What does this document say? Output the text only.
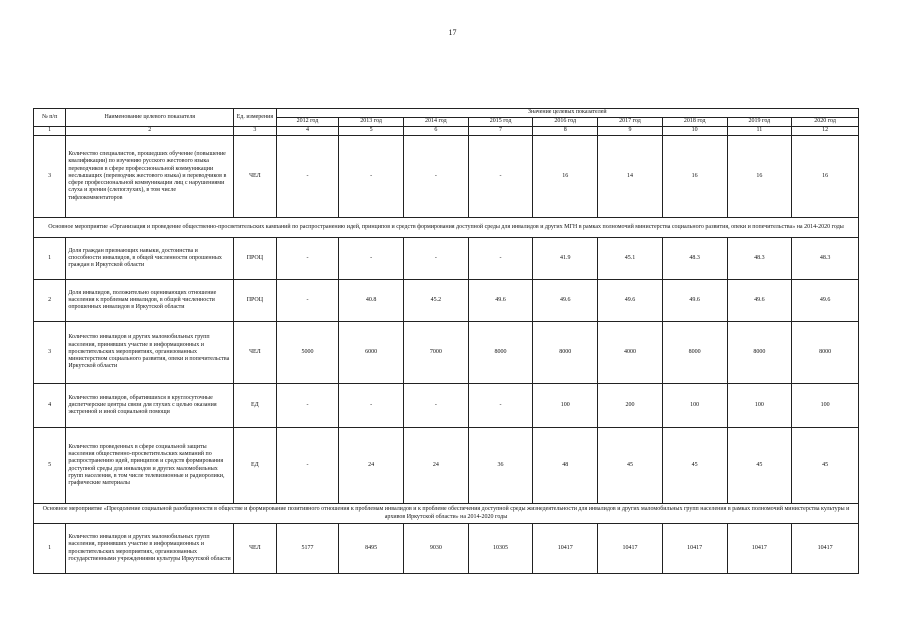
17
№ п/п	Наименование целевого показателя	Ед. измерения	Значение целевых показателей								
			2012 год	2013 год	2014 год	2015 год	2016 год	2017 год	2018 год	2019 год	2020 год
1	2	3	4	5	6	7	8	9	10	11	12
3	Количество специалистов, прошедших обучение (повышение квалификации) по изучению русского жестового языка переводчиков в сфере профессиональной коммуникации неслышащих (переводчик жестового языка) и переводчиков в сфере профессиональной коммуникации лиц с нарушениями слуха и зрения (слепоглухих), в том числе тифлокомментаторов	ЧЕЛ	-	-	-	-	16	14	16	16	16
Основное мероприятие «Организация и проведение общественно-просветительских кампаний по распространению идей, принципов и средств формирования доступной среды для инвалидов и других МГН в рамках полномочий министерства социального развития, опеки и попечительства» на 2014-2020 годы											
1	Доля граждан признающих навыки, достоинства и способности инвалидов, в общей численности опрошенных граждан в Иркутской области	ПРОЦ	-	-	-	-	41.9	45.1	48.3	48.3	48.3
2	Доля инвалидов, положительно оценивающих отношение населения к проблемам инвалидов, в общей численности опрошенных инвалидов в Иркутской области	ПРОЦ	-	40.8	45.2	49.6	49.6	49.6	49.6	49.6	49.6
3	Количество инвалидов и других маломобильных групп населения, принявших участие в информационных и просветительских мероприятиях, организованных министерством социального развития, опеки и попечительства Иркутской области	ЧЕЛ	5000	6000	7000	8000	8000	4000	8000	8000	8000
4	Количество инвалидов, обратившихся в круглосуточные диспетчерские центры связи для глухих с целью оказания экстренной и иной социальной помощи	ЕД	-	-	-	-	100	200	100	100	100
5	Количество проведенных в сфере социальной защиты населения общественно-просветительских кампаний по распространению идей, принципов и средств формирования доступной среды для инвалидов и других маломобильных групп населения, в том числе телевизионные и радиоролики, графические материалы	ЕД	-	24	24	36	48	45	45	45	45
Основное мероприятие «Преодоление социальной разобщенности в обществе и формирование позитивного отношения к проблемам инвалидов и к проблеме обеспечения доступной среды жизнедеятельности для инвалидов и других маломобильных групп населения в рамках полномочий министерства культуры и архивов Иркутской области» на 2014-2020 годы											
1	Количество инвалидов и других маломобильных групп населения, принявших участие в информационных и просветительских мероприятиях, организованных государственными учреждениями культуры Иркутской области	ЧЕЛ	5177	8495	9030	10305	10417	10417	10417	10417	10417
